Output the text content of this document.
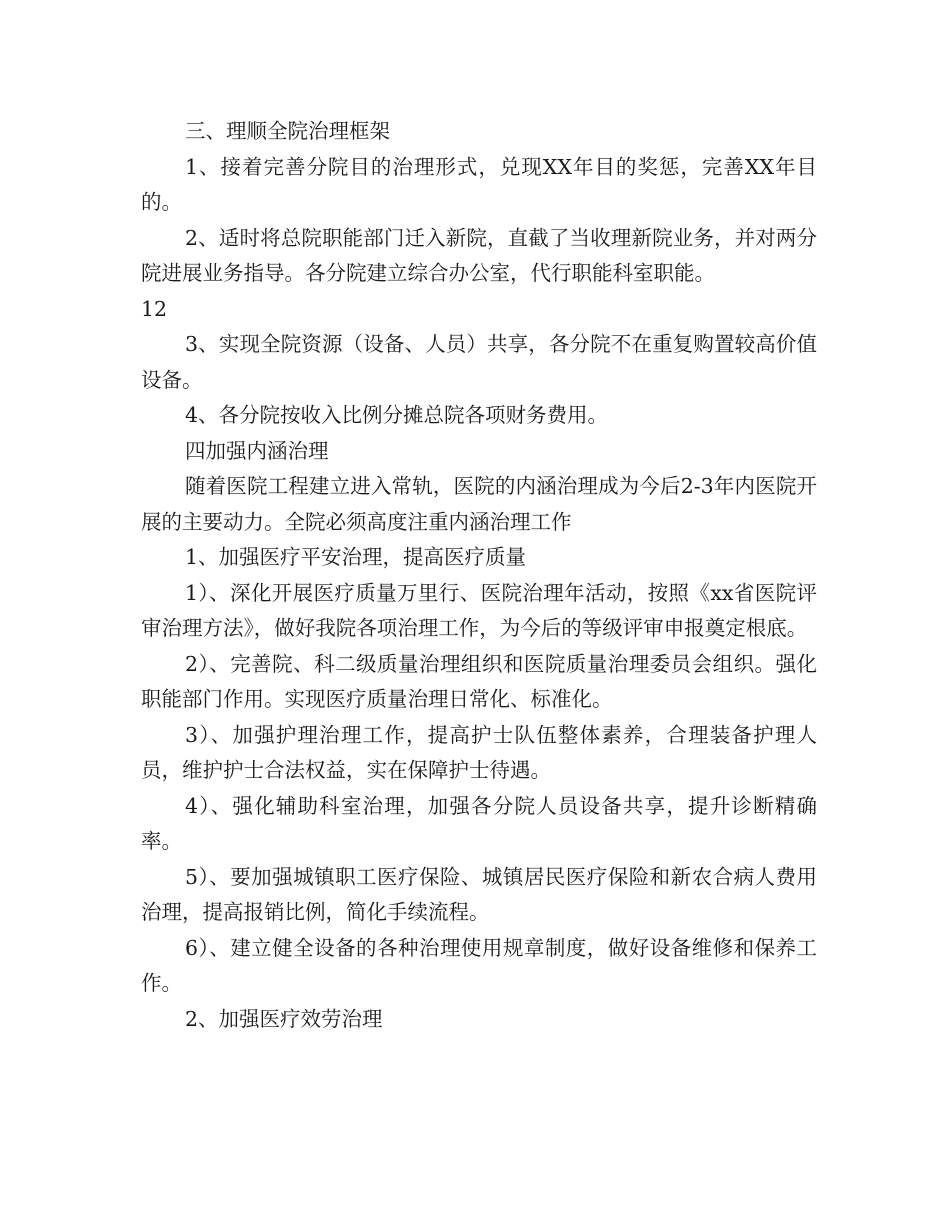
三、理顺全院治理框架

1、接着完善分院目的治理形式，兑现XX年目的奖惩，完善XX年目的。

2、适时将总院职能部门迁入新院，直截了当收理新院业务，并对两分院进展业务指导。各分院建立综合办公室，代行职能科室职能。

12

3、实现全院资源（设备、人员）共享，各分院不在重复购置较高价值设备。

4、各分院按收入比例分摊总院各项财务费用。

四加强内涵治理

随着医院工程建立进入常轨，医院的内涵治理成为今后2-3年内医院开展的主要动力。全院必须高度注重内涵治理工作

1、加强医疗平安治理，提高医疗质量

1）、深化开展医疗质量万里行、医院治理年活动，按照《xx省医院评审治理方法》，做好我院各项治理工作，为今后的等级评审申报奠定根底。

2）、完善院、科二级质量治理组织和医院质量治理委员会组织。强化职能部门作用。实现医疗质量治理日常化、标准化。

3）、加强护理治理工作，提高护士队伍整体素养，合理装备护理人员，维护护士合法权益，实在保障护士待遇。

4）、强化辅助科室治理，加强各分院人员设备共享，提升诊断精确率。

5）、要加强城镇职工医疗保险、城镇居民医疗保险和新农合病人费用治理，提高报销比例，简化手续流程。

6）、建立健全设备的各种治理使用规章制度，做好设备维修和保养工作。

2、加强医疗效劳治理
